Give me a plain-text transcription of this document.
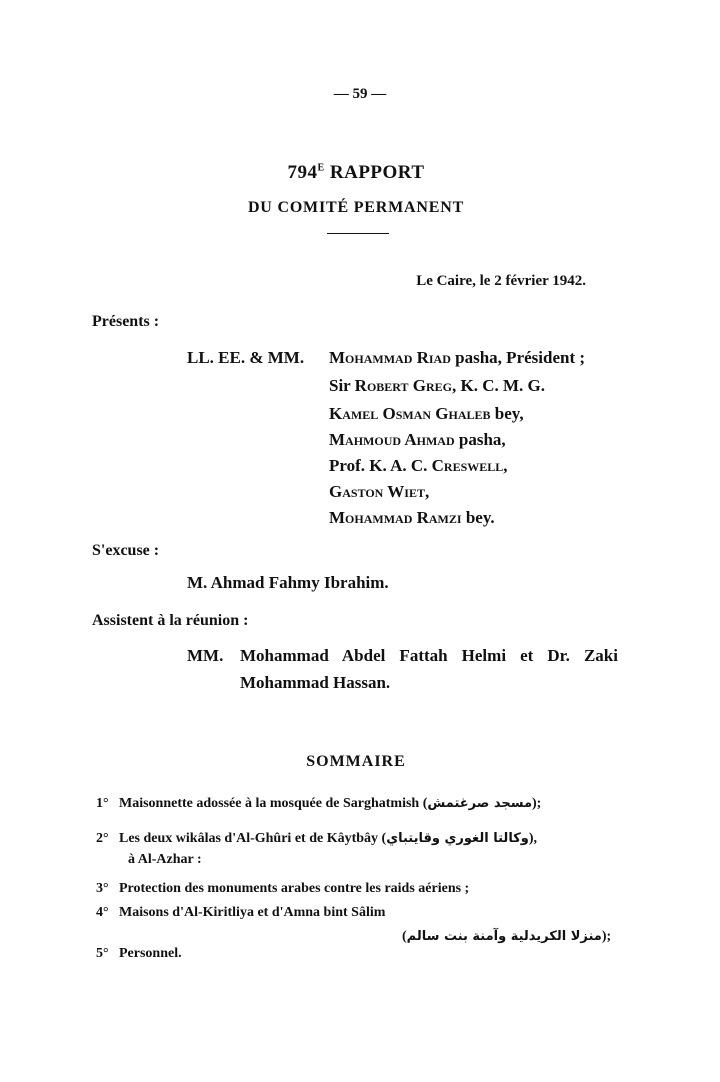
— 59 —
$794^E$ RAPPORT
DU COMITÉ PERMANENT
Le Caire, le 2 février 1942.
Présents :
LL. EE. & MM. Mohammad Riad pasha, Président ;
Sir Robert Greg, K. C. M. G.
Kamel Osman Ghaleb bey,
Mahmoud Ahmad pasha,
Prof. K. A. C. Creswell,
Gaston Wiet,
Mohammad Ramzi bey.
S'excuse :
M. Ahmad Fahmy Ibrahim.
Assistent à la réunion :
MM. Mohammad Abdel Fattah Helmi et Dr. Zaki
Mohammad Hassan.
SOMMAIRE
1° Maisonnette adossée à la mosquée de Sarghatmish (مسجد صرغتمش);
2° Les deux wikâlas d'Al-Ghûri et de Kâytbây (وكالتا الغوري وقايتباي),
à Al-Azhar :
3° Protection des monuments arabes contre les raids aériens ;
4° Maisons d'Al-Kiritliya et d'Amna bint Sâlim
(منزلا الكريدلية وآمنة بنت سالم);
5° Personnel.
